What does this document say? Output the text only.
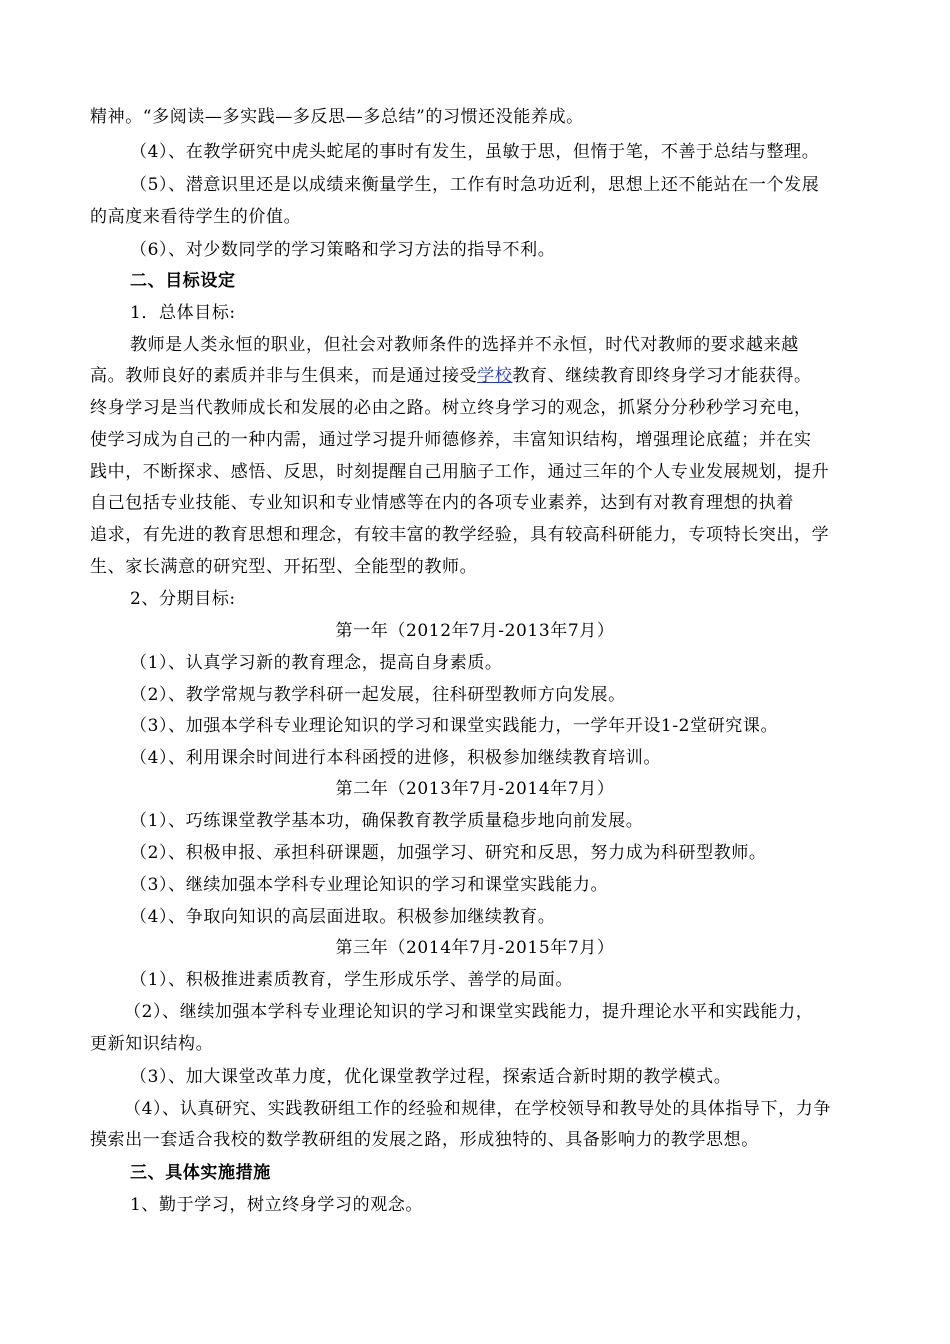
精神。“多阅读—多实践—多反思—多总结”的习惯还没能养成。
（4）、在教学研究中虎头蛇尾的事时有发生，虽敏于思，但惰于笔，不善于总结与整理。
（5）、潜意识里还是以成绩来衡量学生，工作有时急功近利，思想上还不能站在一个发展
的高度来看待学生的价值。
（6）、对少数同学的学习策略和学习方法的指导不利。
二、目标设定
1．总体目标:
教师是人类永恒的职业，但社会对教师条件的选择并不永恒，时代对教师的要求越来越
高。教师良好的素质并非与生俱来，而是通过接受学校教育、继续教育即终身学习才能获得。
终身学习是当代教师成长和发展的必由之路。树立终身学习的观念，抓紧分分秒秒学习充电，
使学习成为自己的一种内需，通过学习提升师德修养，丰富知识结构，增强理论底蕴；并在实
践中，不断探求、感悟、反思，时刻提醒自己用脑子工作，通过三年的个人专业发展规划，提升
自己包括专业技能、专业知识和专业情感等在内的各项专业素养，达到有对教育理想的执着
追求，有先进的教育思想和理念，有较丰富的教学经验，具有较高科研能力，专项特长突出，学
生、家长满意的研究型、开拓型、全能型的教师。
2、分期目标:
第一年（2012年7月-2013年7月）
（1）、认真学习新的教育理念，提高自身素质。
（2）、教学常规与教学科研一起发展，往科研型教师方向发展。
（3）、加强本学科专业理论知识的学习和课堂实践能力，一学年开设1-2堂研究课。
（4）、利用课余时间进行本科函授的进修，积极参加继续教育培训。
第二年（2013年7月-2014年7月）
（1）、巧练课堂教学基本功，确保教育教学质量稳步地向前发展。
（2）、积极申报、承担科研课题，加强学习、研究和反思，努力成为科研型教师。
（3）、继续加强本学科专业理论知识的学习和课堂实践能力。
（4）、争取向知识的高层面进取。积极参加继续教育。
第三年（2014年7月-2015年7月）
（1）、积极推进素质教育，学生形成乐学、善学的局面。
（2）、继续加强本学科专业理论知识的学习和课堂实践能力，提升理论水平和实践能力，
更新知识结构。
（3）、加大课堂改革力度，优化课堂教学过程，探索适合新时期的教学模式。
（4）、认真研究、实践教研组工作的经验和规律，在学校领导和教导处的具体指导下，力争
摸索出一套适合我校的数学教研组的发展之路，形成独特的、具备影响力的教学思想。
三、具体实施措施
1、勤于学习，树立终身学习的观念。
